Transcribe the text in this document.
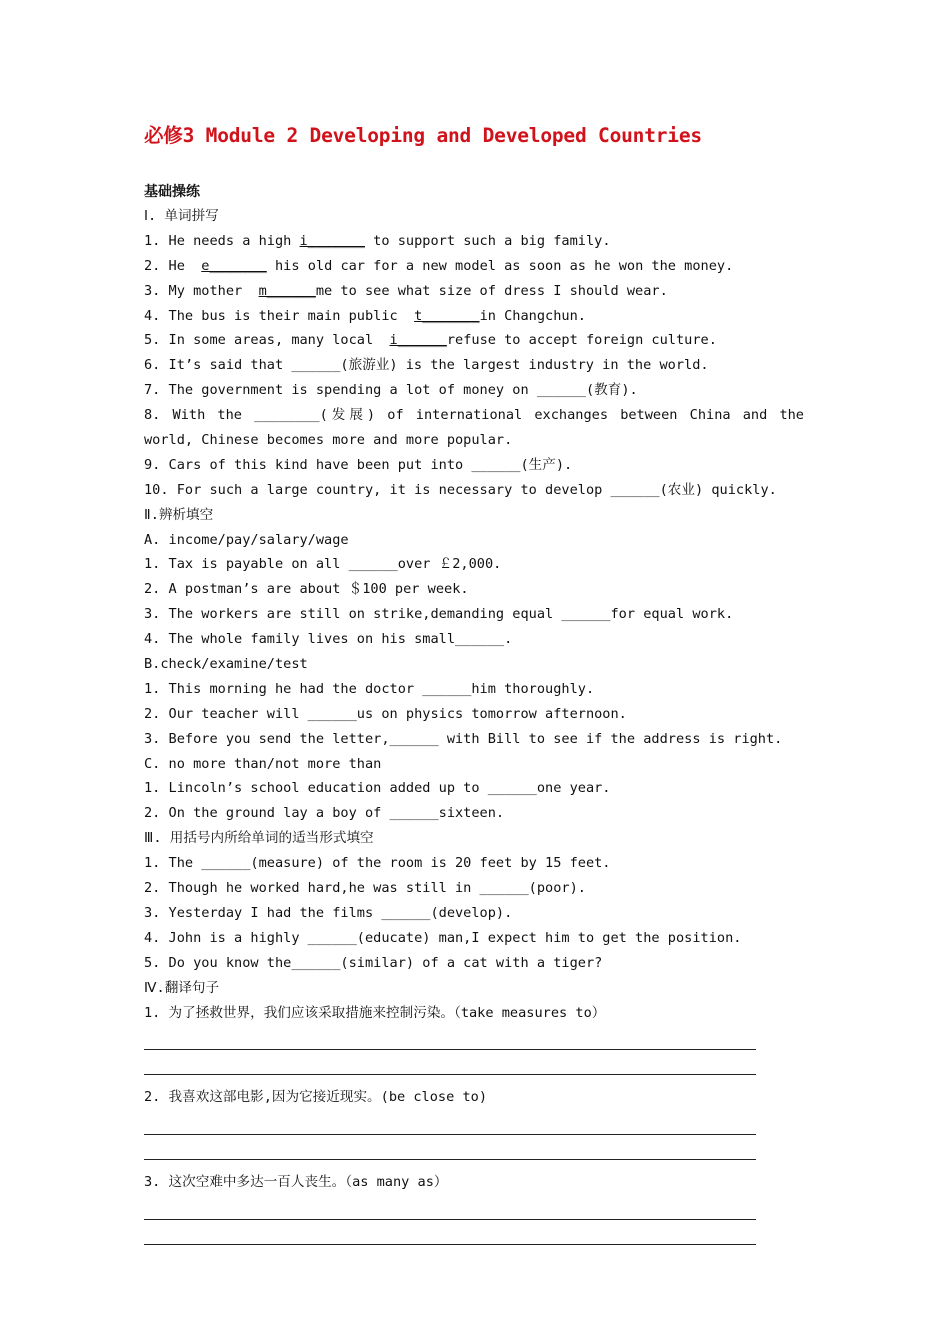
必修3 Module 2 Developing and Developed Countries
基础操练
Ⅰ. 单词拼写
1. He needs a high i_______ to support such a big family.
2. He  e_______ his old car for a new model as soon as he won the money.
3. My mother  m______me to see what size of dress I should wear.
4. The bus is their main public  t_______in Changchun.
5. In some areas, many local  i______refuse to accept foreign culture.
6. It’s said that ______(旅游业) is the largest industry in the world.
7. The government is spending a lot of money on ______(教育).
8. With the ________(发展) of international exchanges between China and the
world, Chinese becomes more and more popular.
9. Cars of this kind have been put into ______(生产).
10. For such a large country, it is necessary to develop ______(农业) quickly.
Ⅱ.辨析填空
A. income/pay/salary/wage
1. Tax is payable on all ______over ￡2,000.
2. A postman’s are about ＄100 per week.
3. The workers are still on strike,demanding equal ______for equal work.
4. The whole family lives on his small______.
B.check/examine/test
1. This morning he had the doctor ______him thoroughly.
2. Our teacher will ______us on physics tomorrow afternoon.
3. Before you send the letter,______ with Bill to see if the address is right.
C. no more than/not more than
1. Lincoln’s school education added up to ______one year.
2. On the ground lay a boy of ______sixteen.
Ⅲ. 用括号内所给单词的适当形式填空
1. The ______(measure) of the room is 20 feet by 15 feet.
2. Though he worked hard,he was still in ______(poor).
3. Yesterday I had the films ______(develop).
4. John is a highly ______(educate) man,I expect him to get the position.
5. Do you know the______(similar) of a cat with a tiger?
Ⅳ.翻译句子
1. 为了拯救世界，我们应该采取措施来控制污染。（take measures to）
2. 我喜欢这部电影,因为它接近现实。(be close to)
3. 这次空难中多达一百人丧生。（as many as）
